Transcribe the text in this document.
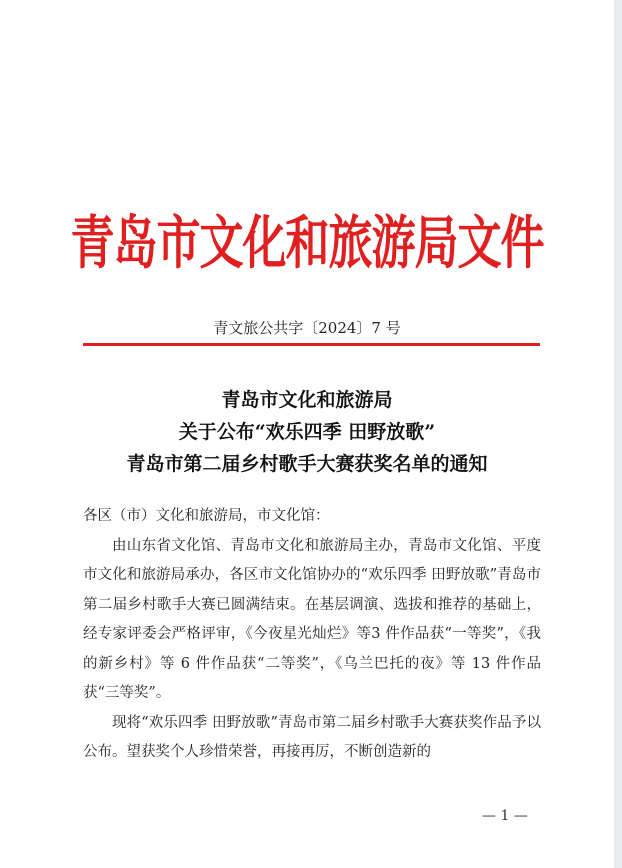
青岛市文化和旅游局文件
青文旅公共字〔2024〕7 号
青岛市文化和旅游局
关于公布“欢乐四季 田野放歌”
青岛市第二届乡村歌手大赛获奖名单的通知

各区（市）文化和旅游局，市文化馆：

由山东省文化馆、青岛市文化和旅游局主办，青岛市文化馆、平度市文化和旅游局承办，各区市文化馆协办的“欢乐四季 田野放歌”青岛市第二届乡村歌手大赛已圆满结束。在基层调演、选拔和推荐的基础上，经专家评委会严格评审，《今夜星光灿烂》等3 件作品获“一等奖”，《我的新乡村》等 6 件作品获“二等奖”，《乌兰巴托的夜》等 13 件作品获“三等奖”。

现将“欢乐四季 田野放歌”青岛市第二届乡村歌手大赛获奖作品予以公布。望获奖个人珍惜荣誉，再接再厉，不断创造新的

— 1 —
